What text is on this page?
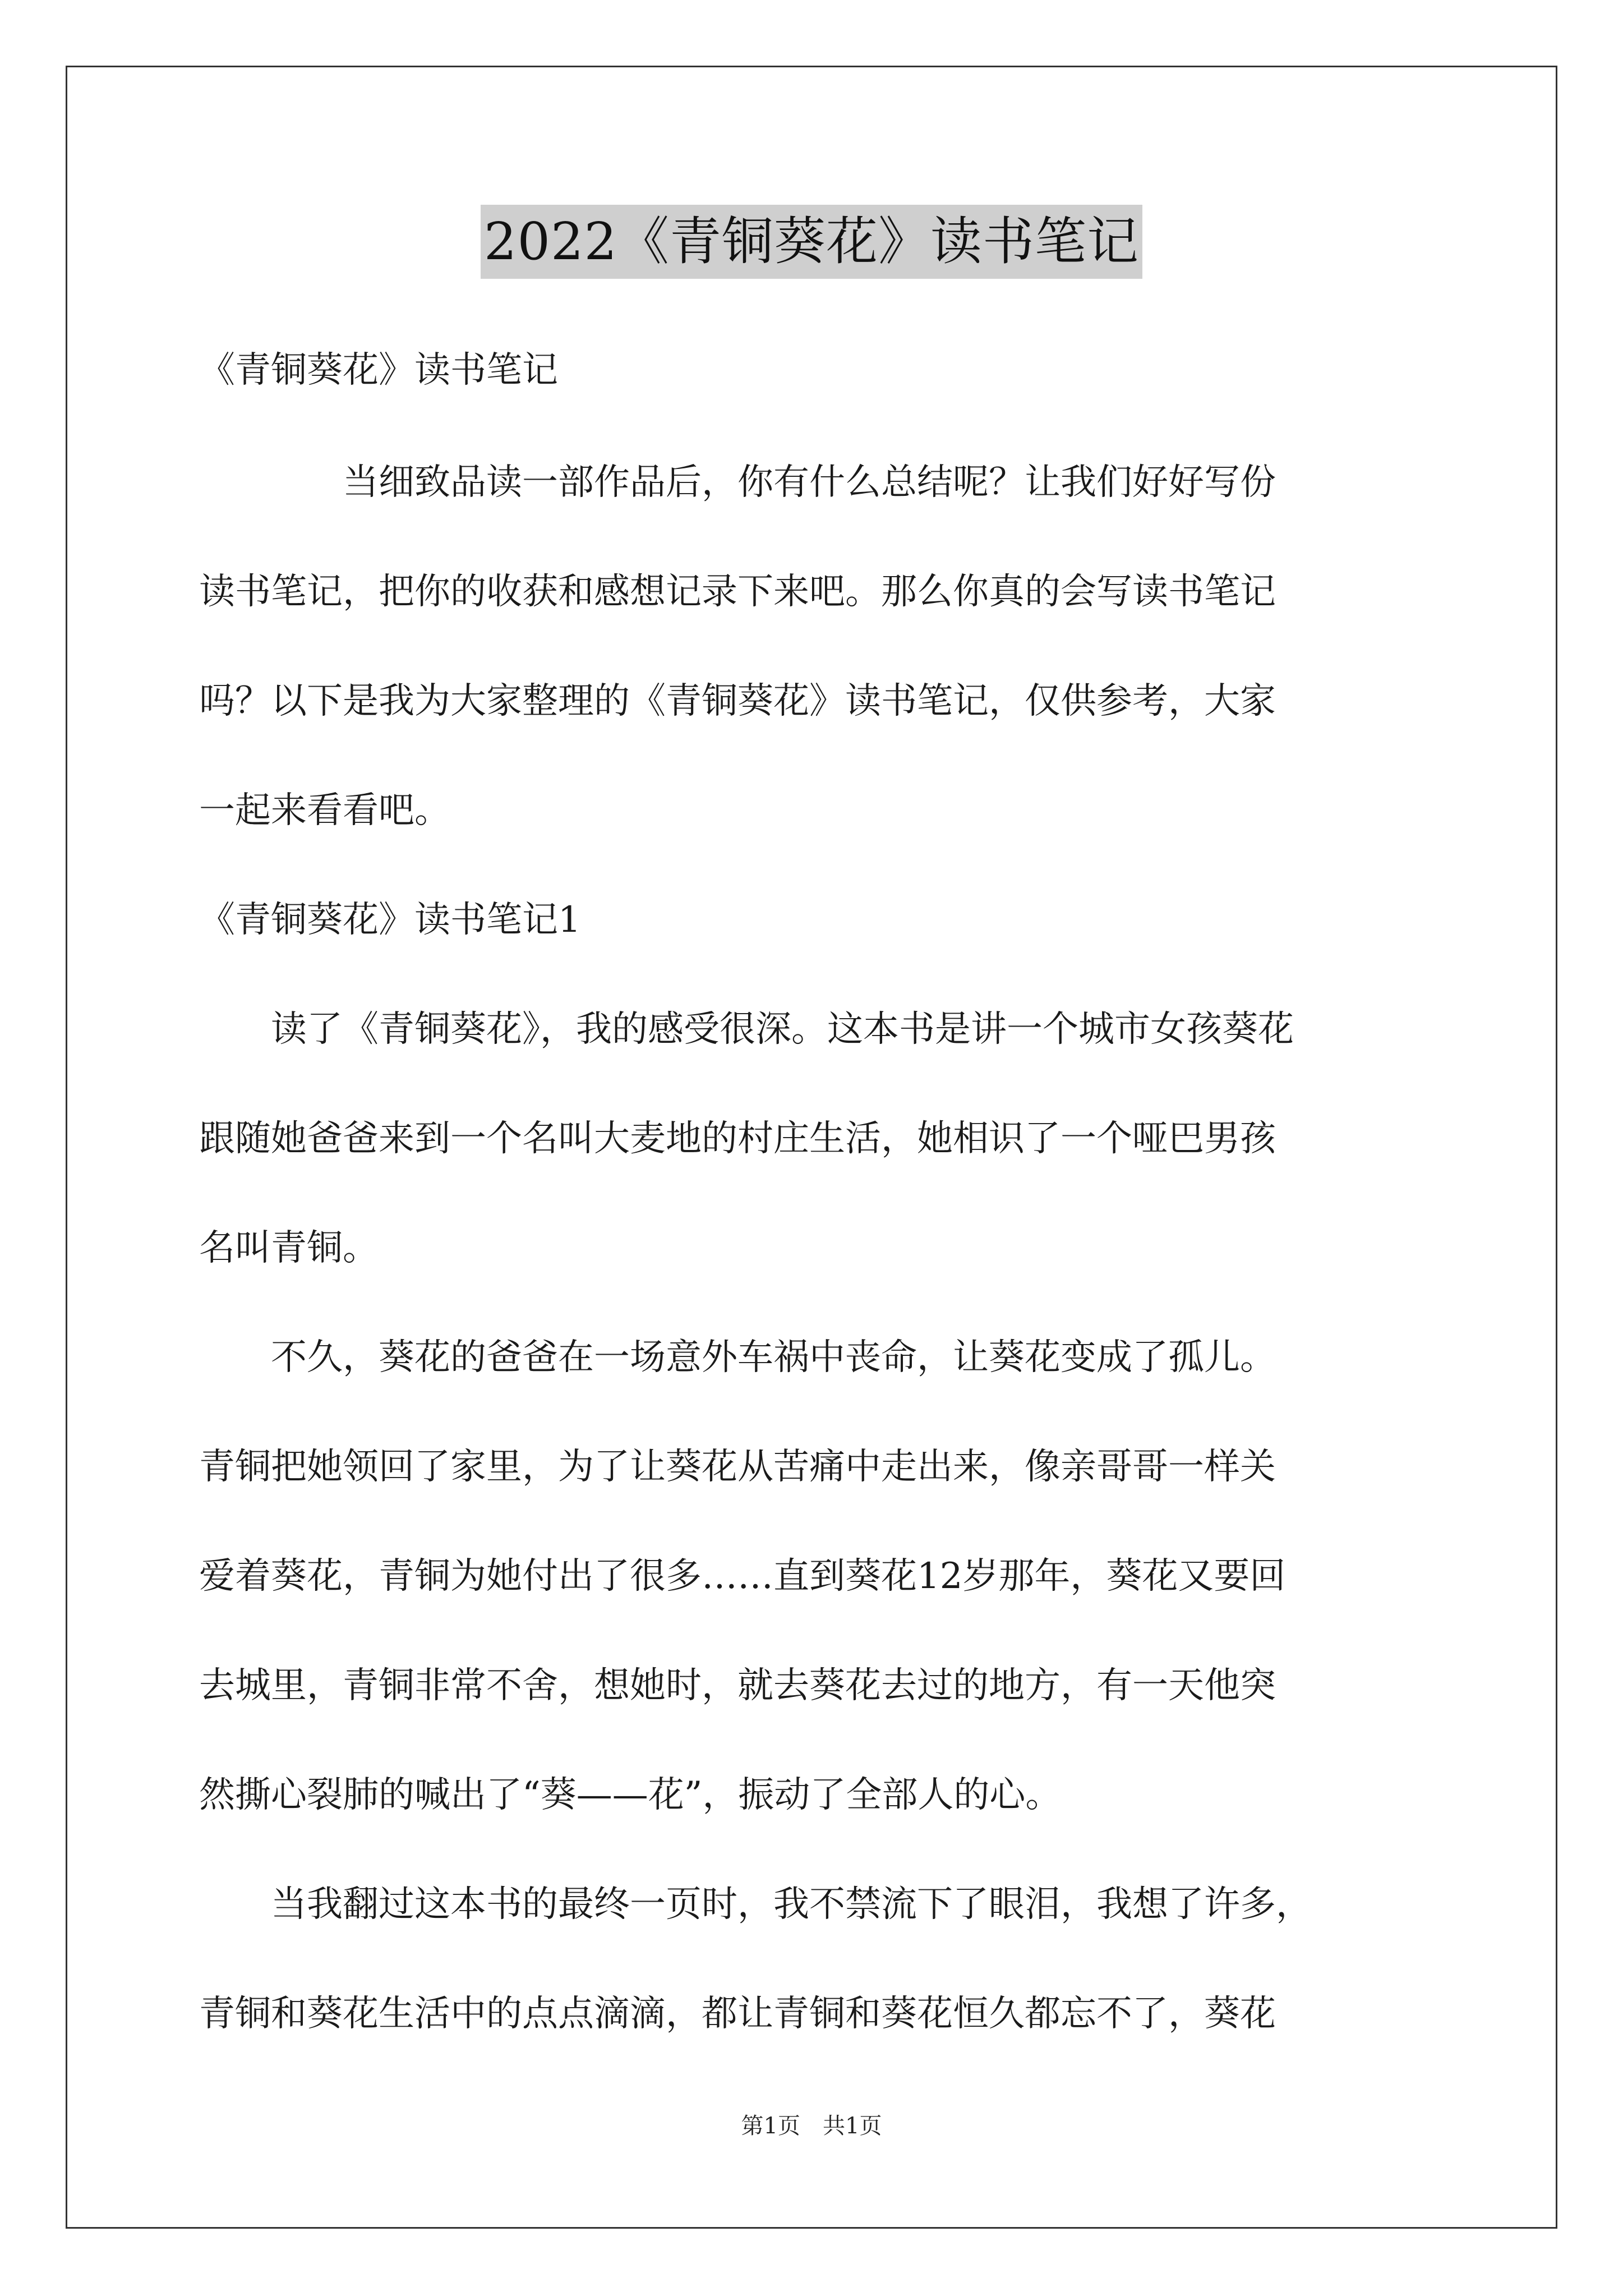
2022《青铜葵花》读书笔记
《青铜葵花》读书笔记
　　　　当细致品读一部作品后，你有什么总结呢？让我们好好写份
读书笔记，把你的收获和感想记录下来吧。那么你真的会写读书笔记
吗？以下是我为大家整理的《青铜葵花》读书笔记，仅供参考，大家
一起来看看吧。
《青铜葵花》读书笔记1
　　读了《青铜葵花》，我的感受很深。这本书是讲一个城市女孩葵花
跟随她爸爸来到一个名叫大麦地的村庄生活，她相识了一个哑巴男孩
名叫青铜。
　　不久，葵花的爸爸在一场意外车祸中丧命，让葵花变成了孤儿。
青铜把她领回了家里，为了让葵花从苦痛中走出来，像亲哥哥一样关
爱着葵花，青铜为她付出了很多……直到葵花12岁那年，葵花又要回
去城里，青铜非常不舍，想她时，就去葵花去过的地方，有一天他突
然撕心裂肺的喊出了“葵——花”，振动了全部人的心。
　　当我翻过这本书的最终一页时，我不禁流下了眼泪，我想了许多，
青铜和葵花生活中的点点滴滴，都让青铜和葵花恒久都忘不了，葵花
第1页　共1页
